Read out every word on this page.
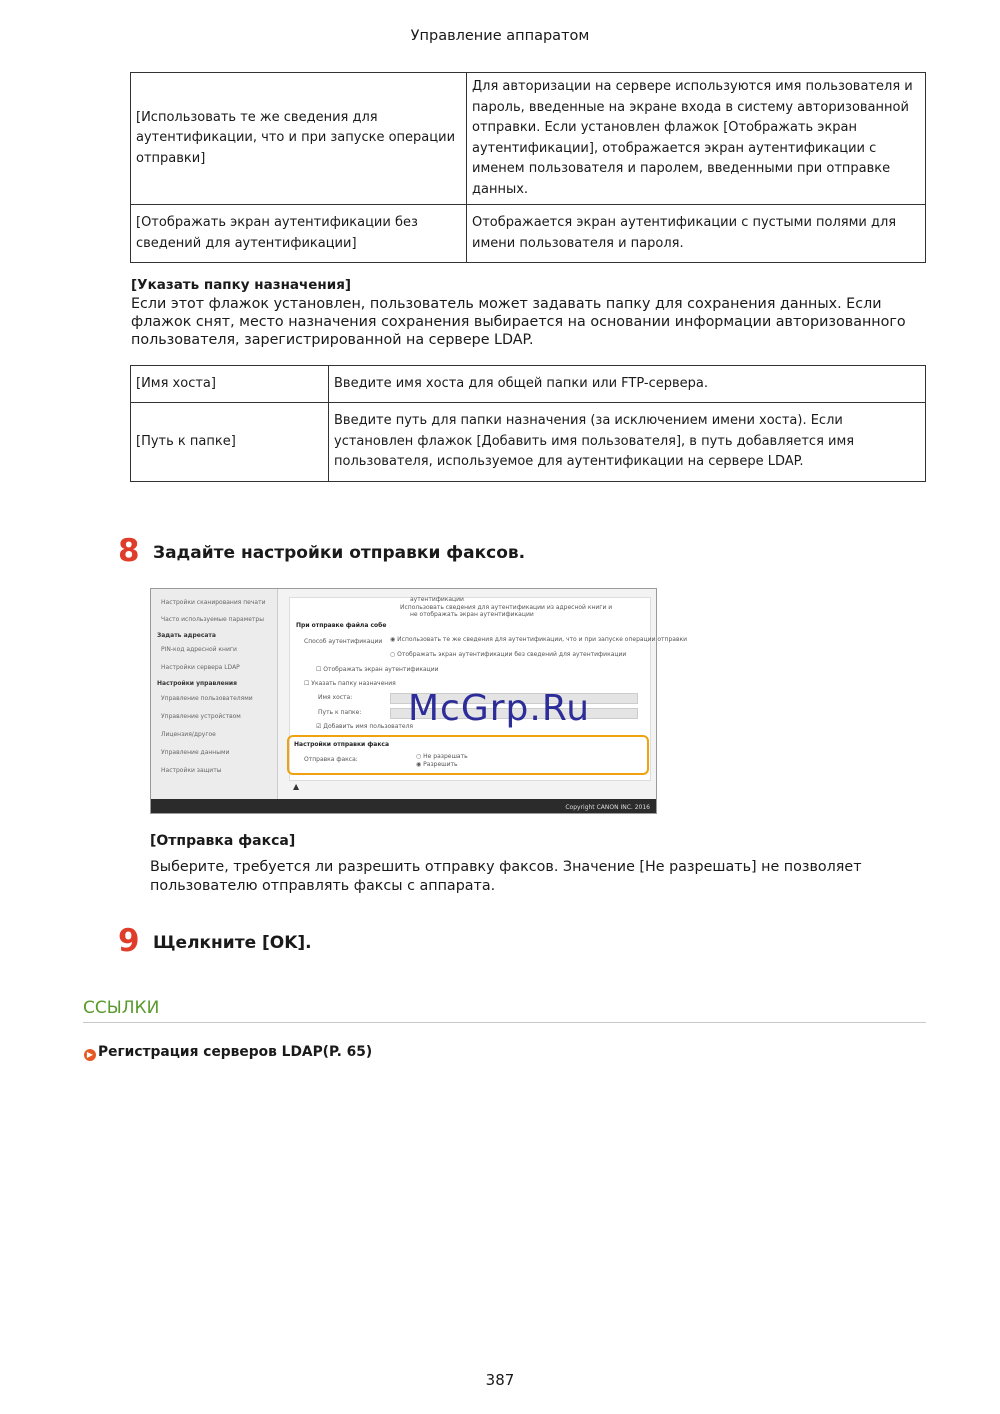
Управление аппаратом
[Использовать те же сведения для аутентификации, что и при запуске операции отправки]	Для авторизации на сервере используются имя пользователя и пароль, введенные на экране входа в систему авторизованной отправки. Если установлен флажок [Отображать экран аутентификации], отображается экран аутентификации с именем пользователя и паролем, введенными при отправке данных.
[Отображать экран аутентификации без сведений для аутентификации]	Отображается экран аутентификации с пустыми полями для имени пользователя и пароля.
[Указать папку назначения]
Если этот флажок установлен, пользователь может задавать папку для сохранения данных. Если флажок снят, место назначения сохранения выбирается на основании информации авторизованного пользователя, зарегистрированной на сервере LDAP.
[Имя хоста]	Введите имя хоста для общей папки или FTP-сервера.
[Путь к папке]	Введите путь для папки назначения (за исключением имени хоста). Если установлен флажок [Добавить имя пользователя], в путь добавляется имя пользователя, используемое для аутентификации на сервере LDAP.
8 Задайте настройки отправки факсов.
Настройки сканирования печати
Часто используемые параметры
Задать адресата
PIN-код адресной книги
Настройки сервера LDAP
Настройки управления
Управление пользователями
Управление устройством
Лицензия/другое
Управление данными
Настройки защиты
аутентификации
Использовать сведения для аутентификации из адресной книги и
не отображать экран аутентификации
При отправке файла собе
Способ аутентификации ◉ Использовать те же сведения для аутентификации, что и при запуске операции отправки
○ Отображать экран аутентификации без сведений для аутентификации
☐ Отображать экран аутентификации
☐ Указать папку назначения
Имя хоста:
Путь к папке:
☑ Добавить имя пользователя
Настройки отправки факса
Отправка факса:	○ Не разрешать
◉ Разрешить
▲
Copyright CANON INC. 2016
McGrp.Ru
[Отправка факса]
Выберите, требуется ли разрешить отправку факсов. Значение [Не разрешать] не позволяет пользователю отправлять факсы с аппарата.
9 Щелкните [OK].
ССЫЛКИ
▶ Регистрация серверов LDAP(P. 65)
387
